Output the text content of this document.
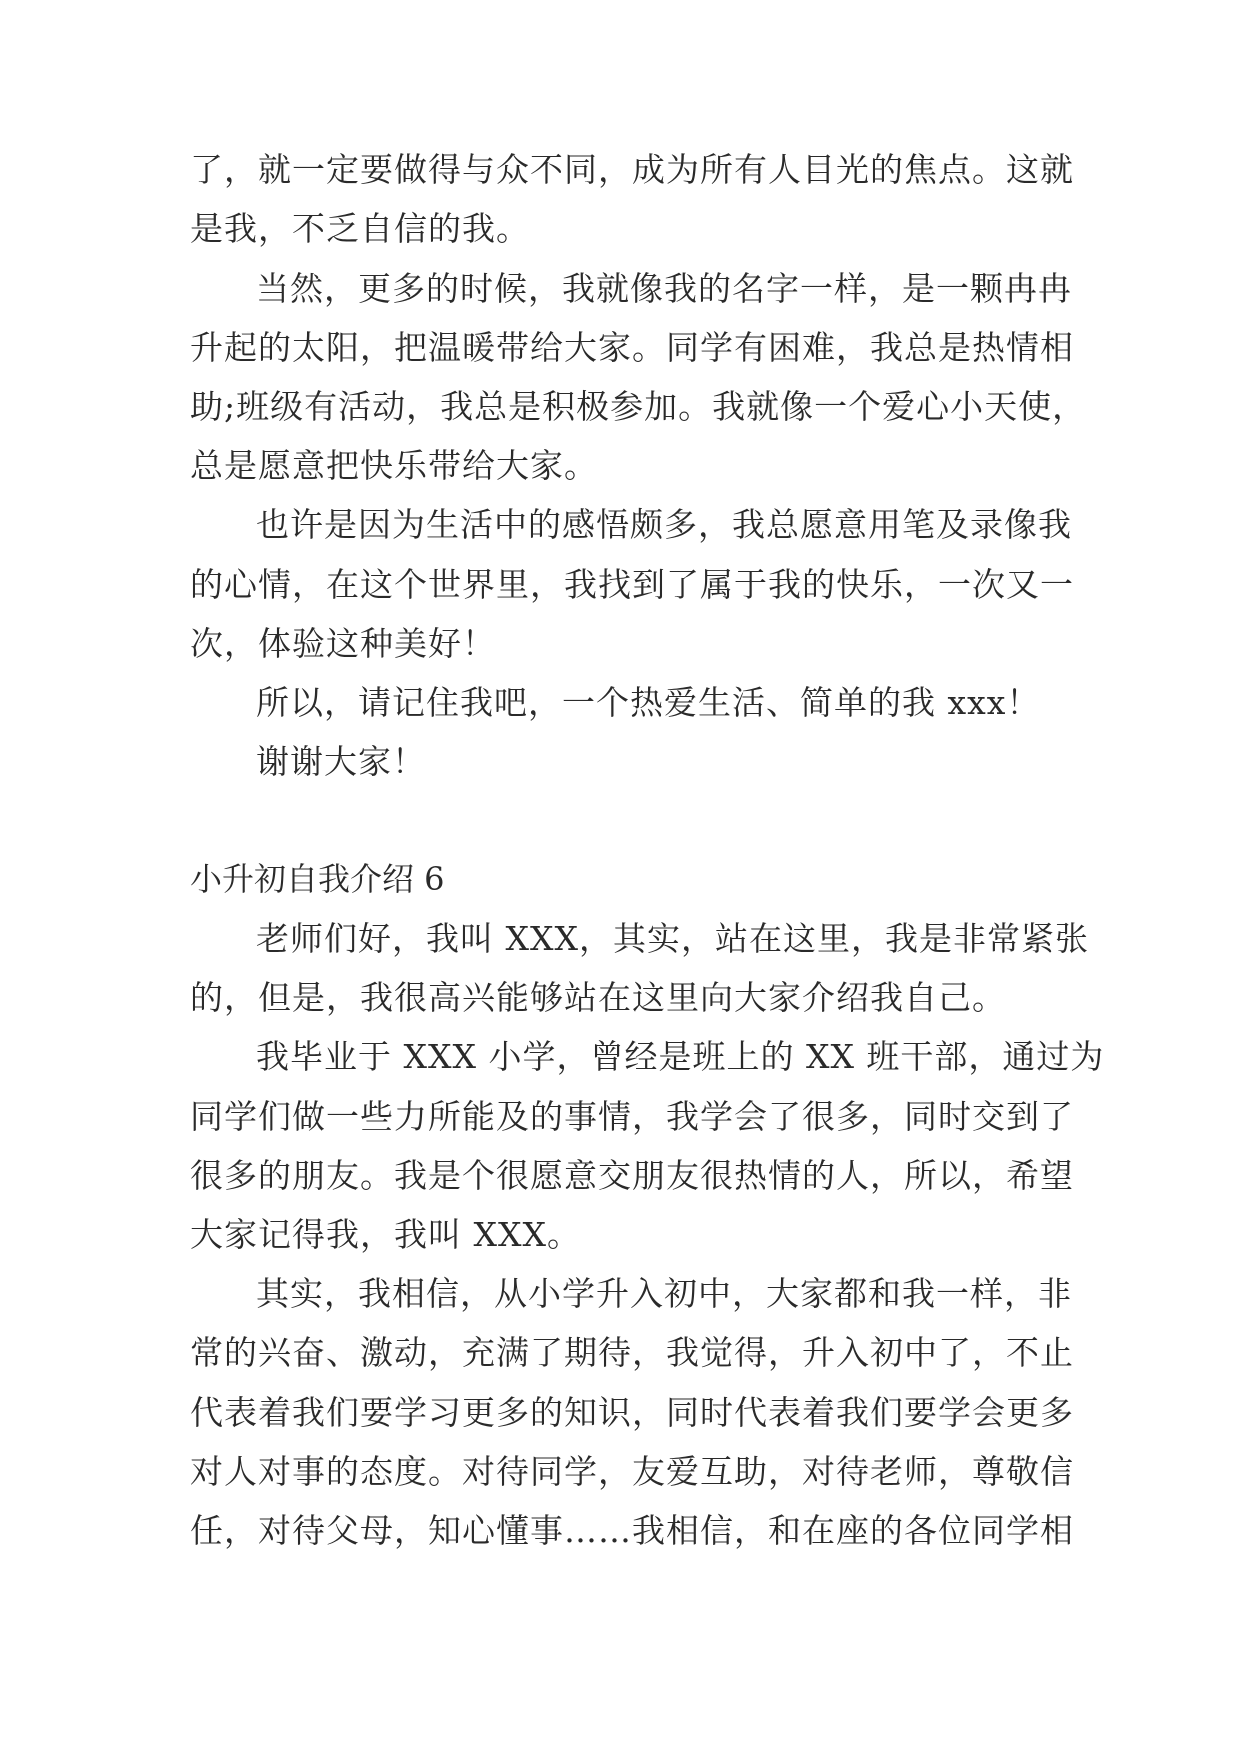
了，就一定要做得与众不同，成为所有人目光的焦点。这就
是我，不乏自信的我。
当然，更多的时候，我就像我的名字一样，是一颗冉冉
升起的太阳，把温暖带给大家。同学有困难，我总是热情相
助;班级有活动，我总是积极参加。我就像一个爱心小天使，
总是愿意把快乐带给大家。
也许是因为生活中的感悟颇多，我总愿意用笔及录像我
的心情，在这个世界里，我找到了属于我的快乐，一次又一
次，体验这种美好！
所以，请记住我吧，一个热爱生活、简单的我 xxx！
谢谢大家！
小升初自我介绍 6
老师们好，我叫 XXX，其实，站在这里，我是非常紧张
的，但是，我很高兴能够站在这里向大家介绍我自己。
我毕业于 XXX 小学，曾经是班上的 XX 班干部，通过为
同学们做一些力所能及的事情，我学会了很多，同时交到了
很多的朋友。我是个很愿意交朋友很热情的人，所以，希望
大家记得我，我叫 XXX。
其实，我相信，从小学升入初中，大家都和我一样，非
常的兴奋、激动，充满了期待，我觉得，升入初中了，不止
代表着我们要学习更多的知识，同时代表着我们要学会更多
对人对事的态度。对待同学，友爱互助，对待老师，尊敬信
任，对待父母，知心懂事……我相信，和在座的各位同学相
